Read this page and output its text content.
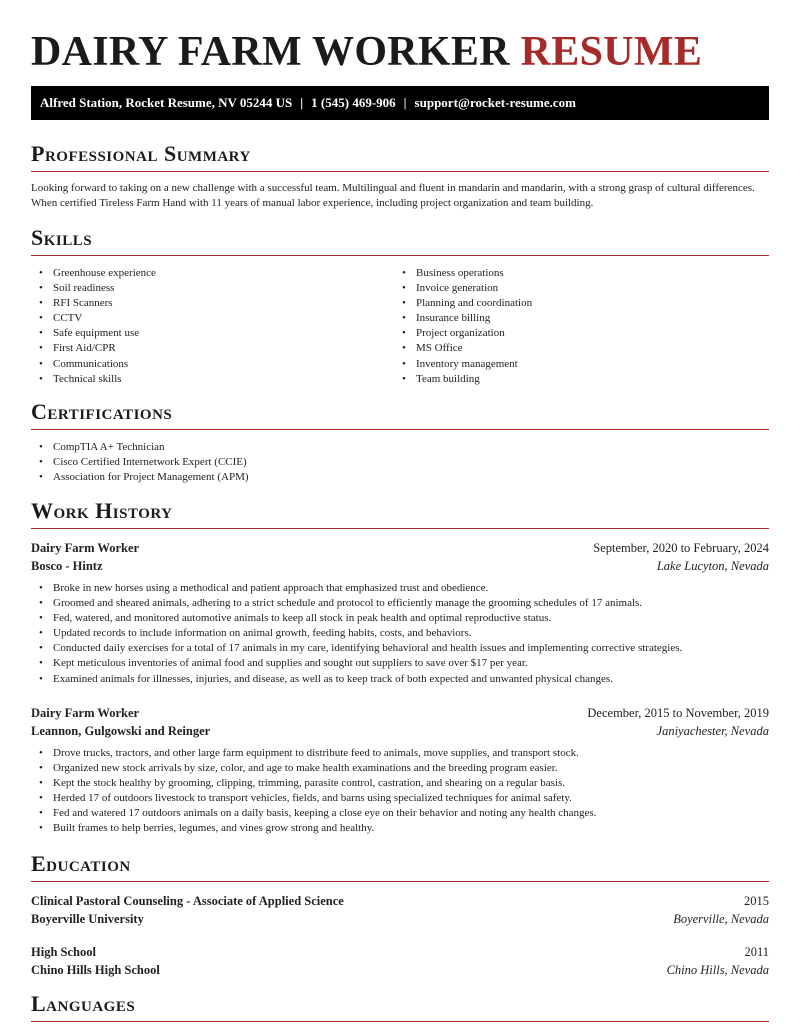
DAIRY FARM WORKER RESUME
Alfred Station, Rocket Resume, NV 05244 US | 1 (545) 469-906 | support@rocket-resume.com
Professional Summary

Looking forward to taking on a new challenge with a successful team. Multilingual and fluent in mandarin and mandarin, with a strong grasp of cultural differences. When certified Tireless Farm Hand with 11 years of manual labor experience, including project organization and team building.

Skills
• Greenhouse experience
• Soil readiness
• RFI Scanners
• CCTV
• Safe equipment use
• First Aid/CPR
• Communications
• Technical skills
• Business operations
• Invoice generation
• Planning and coordination
• Insurance billing
• Project organization
• MS Office
• Inventory management
• Team building
Certifications
• CompTIA A+ Technician
• Cisco Certified Internetwork Expert (CCIE)
• Association for Project Management (APM)
Work History
Dairy Farm Worker	September, 2020 to February, 2024
Bosco - Hintz	Lake Lucyton, Nevada
• Broke in new horses using a methodical and patient approach that emphasized trust and obedience.
• Groomed and sheared animals, adhering to a strict schedule and protocol to efficiently manage the grooming schedules of 17 animals.
• Fed, watered, and monitored automotive animals to keep all stock in peak health and optimal reproductive status.
• Updated records to include information on animal growth, feeding habits, costs, and behaviors.
• Conducted daily exercises for a total of 17 animals in my care, identifying behavioral and health issues and implementing corrective strategies.
• Kept meticulous inventories of animal food and supplies and sought out suppliers to save over $17 per year.
• Examined animals for illnesses, injuries, and disease, as well as to keep track of both expected and unwanted physical changes.
Dairy Farm Worker	December, 2015 to November, 2019
Leannon, Gulgowski and Reinger	Janiyachester, Nevada
• Drove trucks, tractors, and other large farm equipment to distribute feed to animals, move supplies, and transport stock.
• Organized new stock arrivals by size, color, and age to make health examinations and the breeding program easier.
• Kept the stock healthy by grooming, clipping, trimming, parasite control, castration, and shearing on a regular basis.
• Herded 17 of outdoors livestock to transport vehicles, fields, and barns using specialized techniques for animal safety.
• Fed and watered 17 outdoors animals on a daily basis, keeping a close eye on their behavior and noting any health changes.
• Built frames to help berries, legumes, and vines grow strong and healthy.
Education
Clinical Pastoral Counseling - Associate of Applied Science	2015
Boyerville University	Boyerville, Nevada
High School	2011
Chino Hills High School	Chino Hills, Nevada
Languages
